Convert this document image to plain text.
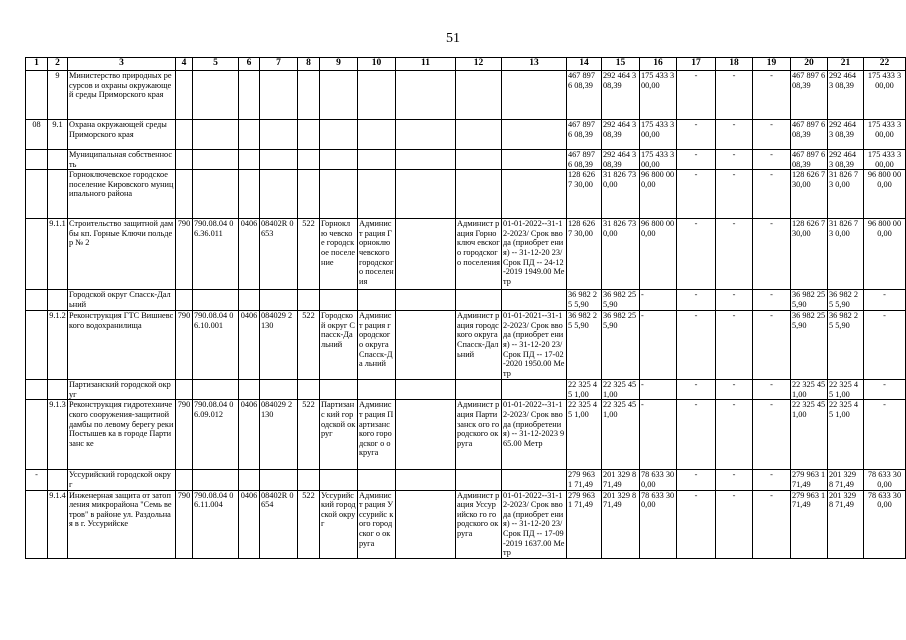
51
1	2	3	4	5	6	7	8	9	10	11	12	13	14	15	16	17	18	19	20	21	22
	9	Министерство природных ресурсов и охраны окружающей среды Приморского края											467 897 6 08,39	292 464 3 08,39	175 433 3 00,00	-	-	-	467 897 6 08,39	292 464 3 08,39	175 433 3 00,00
08	9.1	Охрана окружающей среды Приморского края											467 897 6 08,39	292 464 3 08,39	175 433 3 00,00	-	-	-	467 897 6 08,39	292 464 3 08,39	175 433 3 00,00
		Муниципальная собственность											467 897 6 08,39	292 464 3 08,39	175 433 3 00,00	-	-	-	467 897 6 08,39	292 464 3 08,39	175 433 3 00,00
		Горноключевское городское поселение Кировского муниципального района											128 626 7 30,00	31 826 73 0,00	96 800 00 0,00	-	-	-	128 626 7 30,00	31 826 73 0,00	96 800 00 0,00
	9.1.1	Строительство защитной дамбы кп. Горные Ключи польдер № 2	790	790.08.04 06.36.011	0406	08402R 0653	522	Горноклю чевское городское поселение	Админист рация Горноклю чевского городског о поселения		Админист рация Горноключ евского городского поселения	01-01-2022--31-1 2-2023/ Срок ввода (приобрет ения) -- 31-12-20 23/ Срок ПД -- 24-12-2019 1949.00 Метр	128 626 7 30,00	31 826 73 0,00	96 800 00 0,00	-	-	-	128 626 7 30,00	31 826 73 0,00	96 800 00 0,00
		Городской округ Спасск-Дальний											36 982 25 5,90	36 982 25 5,90	-	-	-	-	36 982 25 5,90	36 982 25 5,90	-
	9.1.2	Реконструкция ГТС Вишневского водохранилища	790	790.08.04 06.10.001	0406	084029 2130	522	Городско й округ Спасск-Да льний	Админист рация городског о округа Спасск-Да льний		Админист рация городского округа Спасск-Дал ьний	01-01-2021--31-1 2-2023/ Срок ввода (приобрет ения) -- 31-12-20 23/ Срок ПД -- 17-02-2020 1950.00 Метр	36 982 25 5,90	36 982 25 5,90	-	-	-	-	36 982 25 5,90	36 982 25 5,90	-
		Партизанский городской округ											22 325 45 1,00	22 325 45 1,00	-	-	-	-	22 325 45 1,00	22 325 45 1,00	-
	9.1.3	Реконструкция гидротехнического сооружения-защитной дамбы по левому берегу реки Постышев ка в городе Партизанс ке	790	790.08.04 06.09.012	0406	084029 2130	522	Партизанс кий городской округ	Админист рация Партизанс кого городског о округа		Админист рация Партизанск ого городского округа	01-01-2022--31-1 2-2023/ Срок ввода (приобретения) -- 31-12-2023 965.00 Метр	22 325 45 1,00	22 325 45 1,00	-	-	-	-	22 325 45 1,00	22 325 45 1,00	-
-		Уссурийский городской округ											279 963 1 71,49	201 329 8 71,49	78 633 30 0,00	-	-	-	279 963 1 71,49	201 329 8 71,49	78 633 30 0,00
	9.1.4	Инженерная защита от затопления микрорайона "Семь ветров" в районе ул. Раздольная в г. Уссурийске	790	790.08.04 06.11.004	0406	08402R 0654	522	Уссурийс кий городской округ	Админист рация Уссурийс кого городског о округа		Админист рация Уссурийско го городского округа	01-01-2022--31-1 2-2023/ Срок ввода (приобрет ения) -- 31-12-20 23/ Срок ПД -- 17-09-2019 1637.00 Метр	279 963 1 71,49	201 329 8 71,49	78 633 30 0,00	-	-	-	279 963 1 71,49	201 329 8 71,49	78 633 30 0,00
